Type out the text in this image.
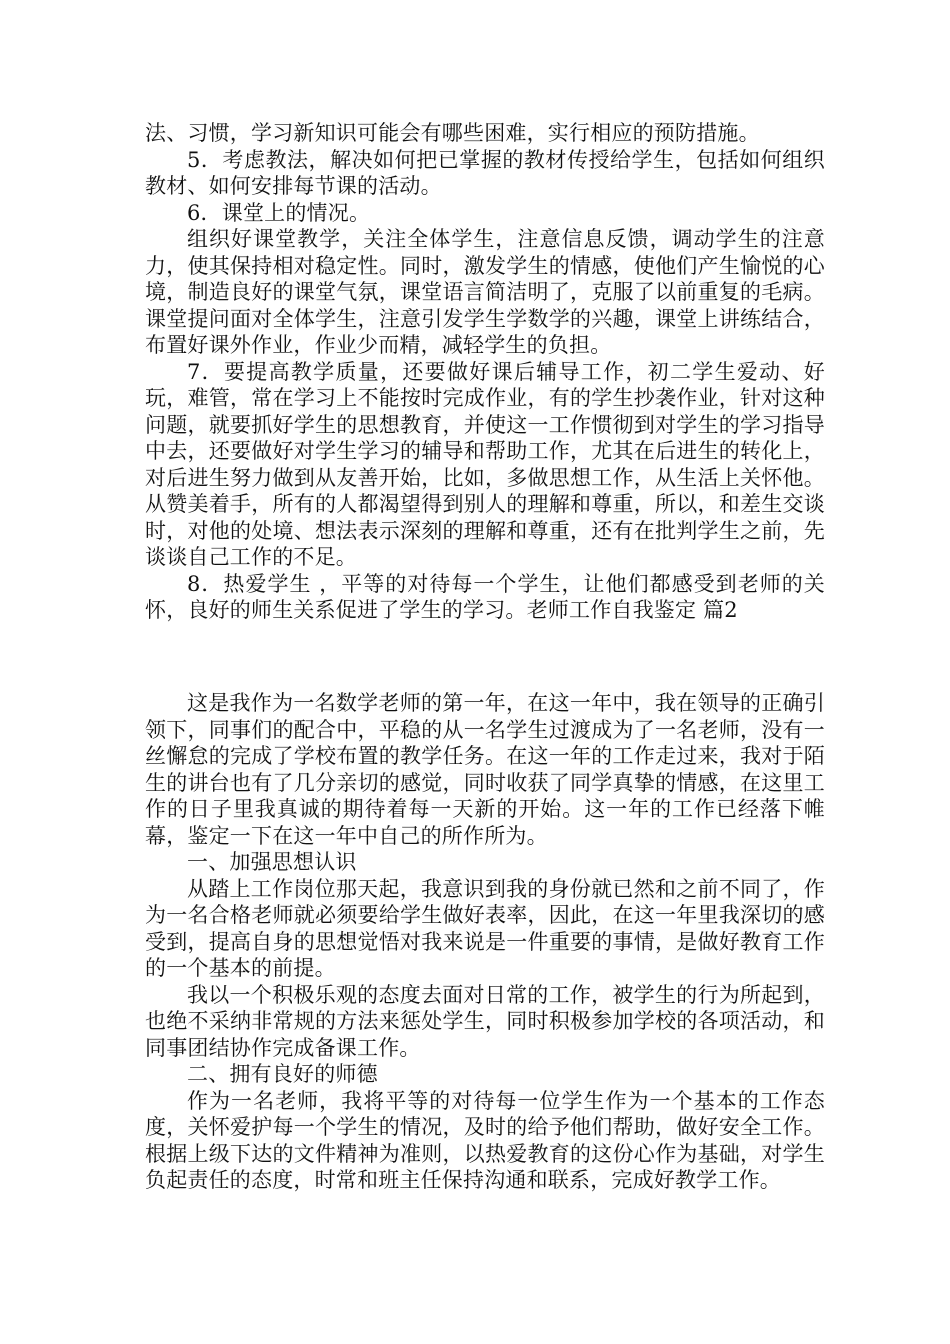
法、习惯，学习新知识可能会有哪些困难，实行相应的预防措施。

5．考虑教法，解决如何把已掌握的教材传授给学生，包括如何组织教材、如何安排每节课的活动。

6．课堂上的情况。

组织好课堂教学，关注全体学生，注意信息反馈，调动学生的注意力，使其保持相对稳定性。同时，激发学生的情感，使他们产生愉悦的心境，制造良好的课堂气氛，课堂语言简洁明了，克服了以前重复的毛病。课堂提问面对全体学生，注意引发学生学数学的兴趣，课堂上讲练结合，布置好课外作业，作业少而精，减轻学生的负担。

7．要提高教学质量，还要做好课后辅导工作，初二学生爱动、好玩，难管，常在学习上不能按时完成作业，有的学生抄袭作业，针对这种问题，就要抓好学生的思想教育，并使这一工作惯彻到对学生的学习指导中去，还要做好对学生学习的辅导和帮助工作，尤其在后进生的转化上，对后进生努力做到从友善开始，比如，多做思想工作，从生活上关怀他。从赞美着手，所有的人都渴望得到别人的理解和尊重，所以，和差生交谈时，对他的处境、想法表示深刻的理解和尊重，还有在批判学生之前，先谈谈自己工作的不足。

8．热爱学生 ，平等的对待每一个学生，让他们都感受到老师的关怀，良好的师生关系促进了学生的学习。老师工作自我鉴定 篇2

这是我作为一名数学老师的第一年，在这一年中，我在领导的正确引领下，同事们的配合中，平稳的从一名学生过渡成为了一名老师，没有一丝懈怠的完成了学校布置的教学任务。在这一年的工作走过来，我对于陌生的讲台也有了几分亲切的感觉，同时收获了同学真挚的情感，在这里工作的日子里我真诚的期待着每一天新的开始。这一年的工作已经落下帷幕，鉴定一下在这一年中自己的所作所为。

一、加强思想认识

从踏上工作岗位那天起，我意识到我的身份就已然和之前不同了，作为一名合格老师就必须要给学生做好表率，因此，在这一年里我深切的感受到，提高自身的思想觉悟对我来说是一件重要的事情，是做好教育工作的一个基本的前提。

我以一个积极乐观的态度去面对日常的工作，被学生的行为所起到，也绝不采纳非常规的方法来惩处学生，同时积极参加学校的各项活动，和同事团结协作完成备课工作。

二、拥有良好的师德

作为一名老师，我将平等的对待每一位学生作为一个基本的工作态度，关怀爱护每一个学生的情况，及时的给予他们帮助，做好安全工作。根据上级下达的文件精神为准则，以热爱教育的这份心作为基础，对学生负起责任的态度，时常和班主任保持沟通和联系，完成好教学工作。
